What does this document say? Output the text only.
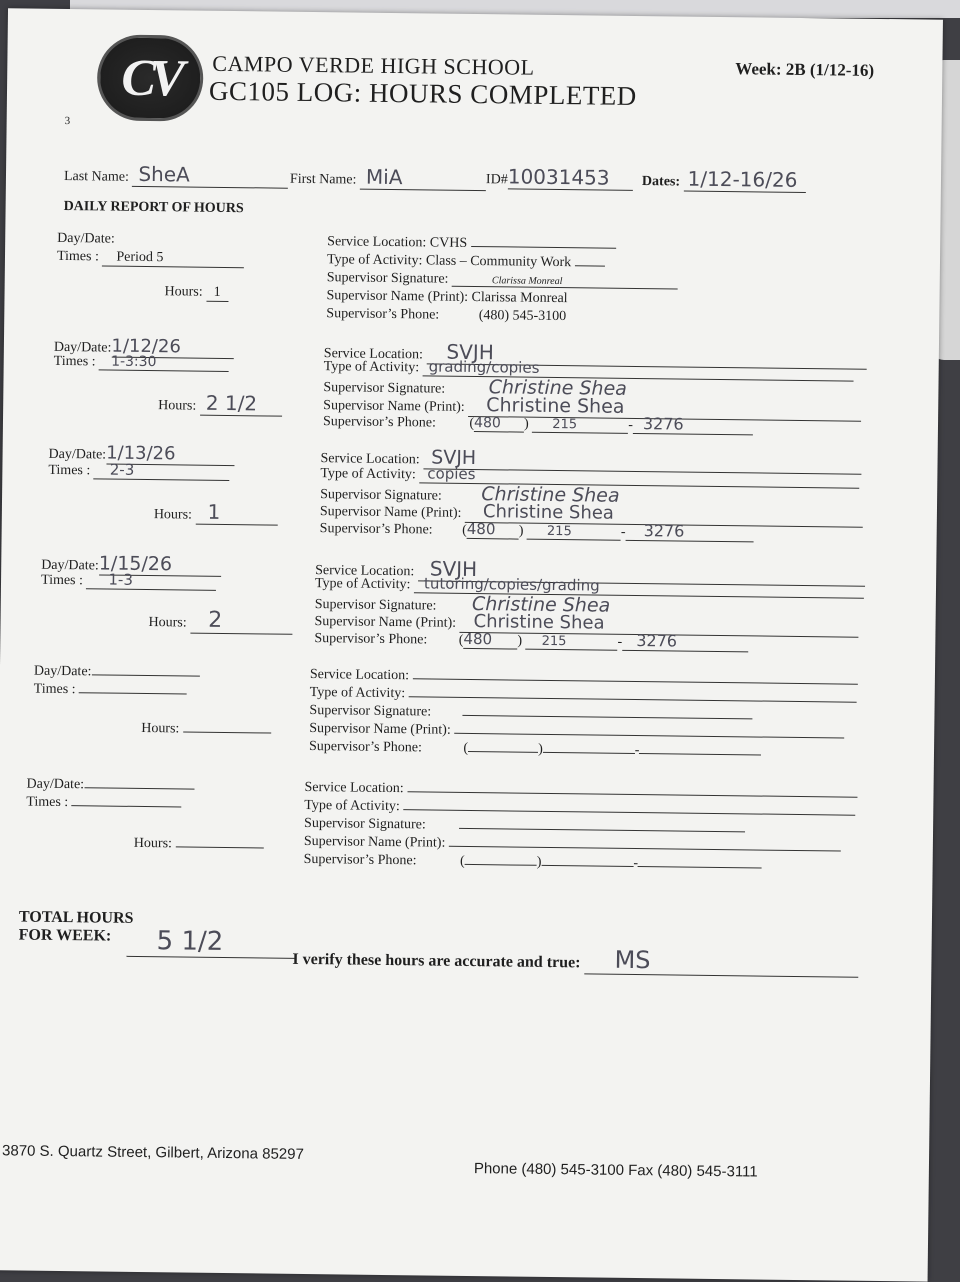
CV	CAMPO VERDE HIGH SCHOOL
GC105 LOG: HOURS COMPLETED
Week: 2B (1/12-16)
3
Last Name: SheA	First Name: MiA	ID#10031453	Dates: 1/12-16/26
DAILY REPORT OF HOURS
Day/Date:
Times : Period 5
Hours: 1
Service Location: CVHS
Type of Activity: Class – Community Work
Supervisor Signature:	Clarissa Monreal
Supervisor Name (Print): Clarissa Monreal
Supervisor’s Phone:	(480) 545-3100
Day/Date:1/12/26
Times : 1-3:30
Hours: 2 1/2
Service Location: SVJH
Type of Activity: grading/copies
Supervisor Signature: Christine Shea
Supervisor Name (Print): Christine Shea
Supervisor’s Phone: (480 ) 215	- 3276
Day/Date:1/13/26
Times : 2-3
Hours: 1
Service Location: SVJH
Type of Activity: copies
Supervisor Signature: Christine Shea
Supervisor Name (Print): Christine Shea
Supervisor’s Phone: (480 ) 215	- 3276
Day/Date:1/15/26
Times : 1-3
Hours: 2
Service Location: SVJH
Type of Activity: tutoring/copies/grading
Supervisor Signature: Christine Shea
Supervisor Name (Print): Christine Shea
Supervisor’s Phone: (480 ) 215	- 3276
Day/Date:
Times :
Hours:
Service Location:
Type of Activity:
Supervisor Signature:
Supervisor Name (Print):
Supervisor’s Phone:	(	)	-
Day/Date:
Times :
Hours:
Service Location:
Type of Activity:
Supervisor Signature:
Supervisor Name (Print):
Supervisor’s Phone:	(	)	-
TOTAL HOURS
FOR WEEK:	5 1/2
I verify these hours are accurate and true: MS
3870 S. Quartz Street, Gilbert, Arizona 85297
Phone (480) 545-3100 Fax (480) 545-3111
